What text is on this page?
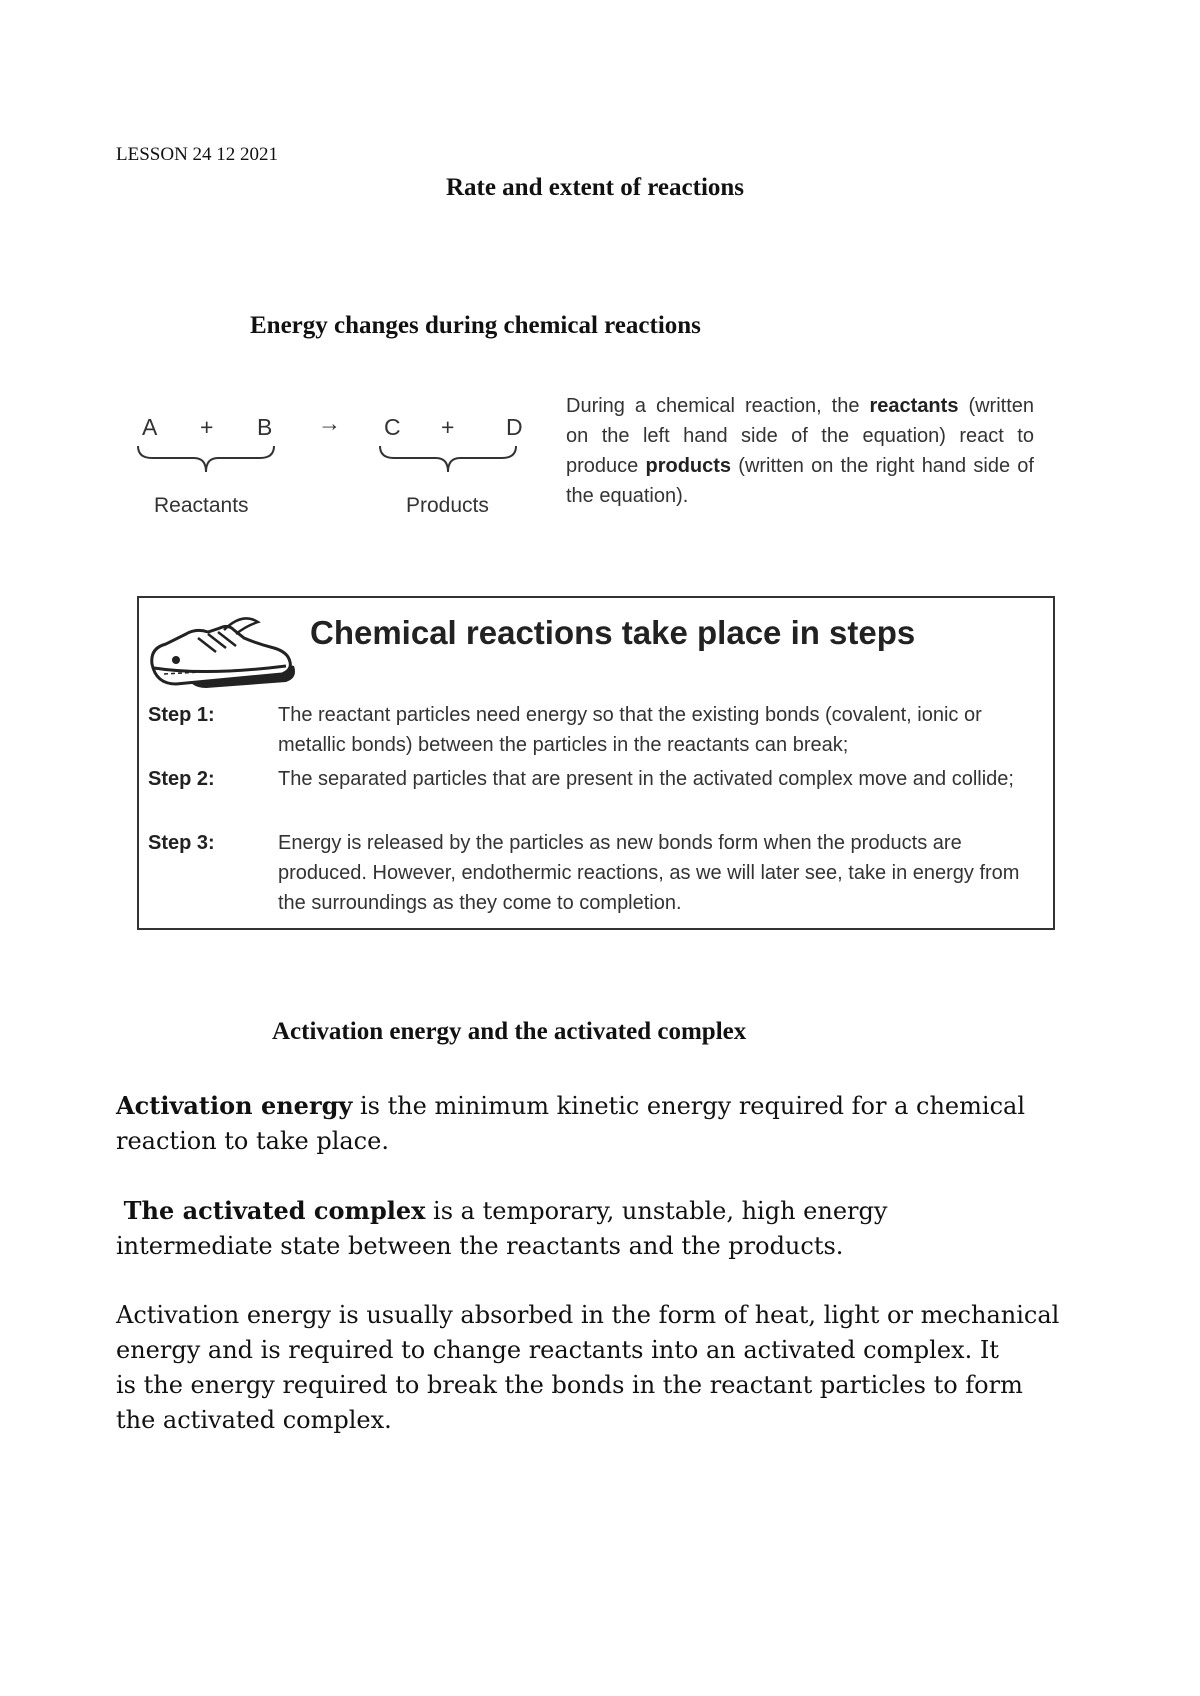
LESSON 24 12 2021
Rate and extent of reactions
Energy changes during chemical reactions
A + B → C + D
Reactants	Products
During a chemical reaction, the reactants (written on the left hand side of the equation) react to produce products (written on the right hand side of the equation).
Chemical reactions take place in steps
Step 1:	The reactant particles need energy so that the existing bonds (covalent, ionic or metallic bonds) between the particles in the reactants can break;
Step 2:	The separated particles that are present in the activated complex move and collide;
Step 3:	Energy is released by the particles as new bonds form when the products are produced. However, endothermic reactions, as we will later see, take in energy from the surroundings as they come to completion.
Activation energy and the activated complex
Activation energy is the minimum kinetic energy required for a chemical reaction to take place.
The activated complex is a temporary, unstable, high energy intermediate state between the reactants and the products.
Activation energy is usually absorbed in the form of heat, light or mechanical
energy and is required to change reactants into an activated complex. It
is the energy required to break the bonds in the reactant particles to form
the activated complex.
